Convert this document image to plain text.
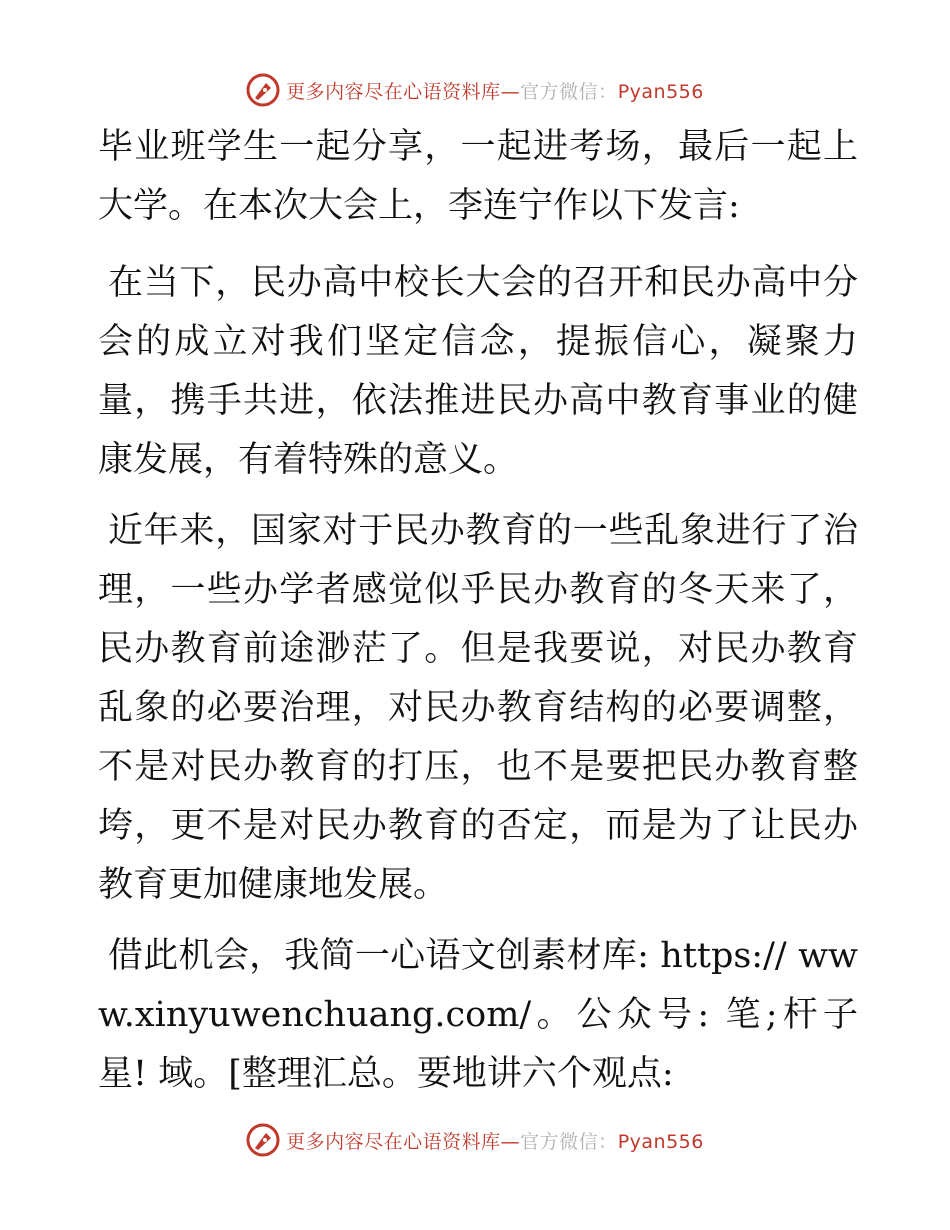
更多内容尽在心语资料库—官方微信：Pyan556

毕业班学生一起分享，一起进考场，最后一起上大学。在本次大会上，李连宁作以下发言:

在当下，民办高中校长大会的召开和民办高中分会的成立对我们坚定信念，提振信心，凝聚力量，携手共进，依法推进民办高中教育事业的健康发展，有着特殊的意义。

近年来，国家对于民办教育的一些乱象进行了治理，一些办学者感觉似乎民办教育的冬天来了，民办教育前途渺茫了。但是我要说，对民办教育乱象的必要治理，对民办教育结构的必要调整，不是对民办教育的打压，也不是要把民办教育整垮，更不是对民办教育的否定，而是为了让民办教育更加健康地发展。

借此机会，我简一心语文创素材库: https:// www.xinyuwenchuang.com/。公众号: 笔;杆子星! 域。[整理汇总。要地讲六个观点:

更多内容尽在心语资料库—官方微信：Pyan556
